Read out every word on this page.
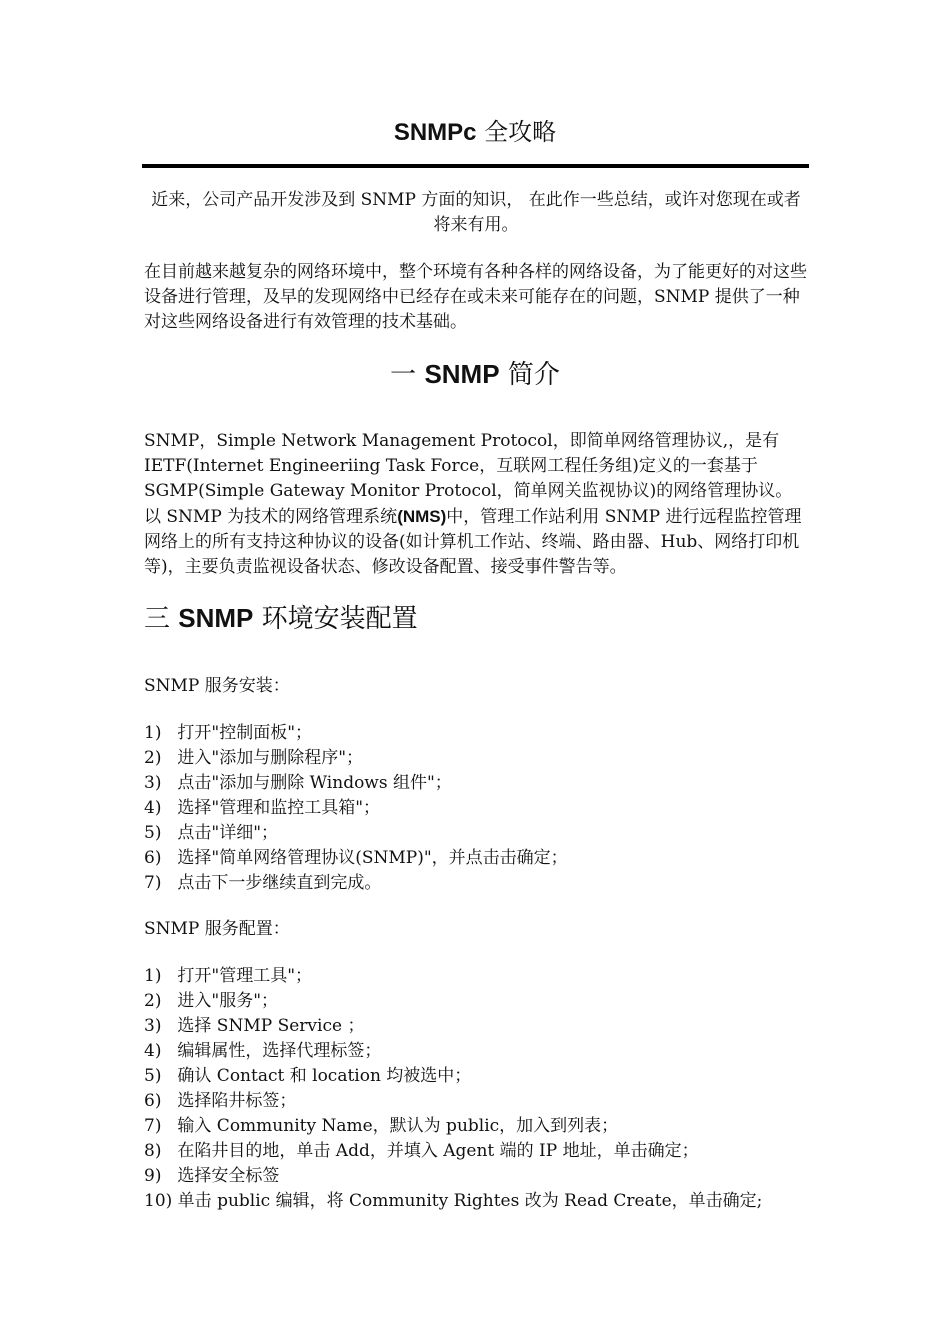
SNMPc 全攻略

近来，公司产品开发涉及到 SNMP 方面的知识， 在此作一些总结，或许对您现在或者将来有用。

在目前越来越复杂的网络环境中，整个环境有各种各样的网络设备，为了能更好的对这些设备进行管理，及早的发现网络中已经存在或未来可能存在的问题，SNMP 提供了一种对这些网络设备进行有效管理的技术基础。

一 SNMP 简介

SNMP，Simple Network Management Protocol，即简单网络管理协议,，是有IETF(Internet Engineeriing Task Force，互联网工程任务组)定义的一套基于SGMP(Simple Gateway Monitor Protocol，简单网关监视协议)的网络管理协议。以 SNMP 为技术的网络管理系统(NMS)中，管理工作站利用 SNMP 进行远程监控管理网络上的所有支持这种协议的设备(如计算机工作站、终端、路由器、Hub、网络打印机等)，主要负责监视设备状态、修改设备配置、接受事件警告等。

三 SNMP 环境安装配置

SNMP 服务安装：

1) 打开"控制面板"；
2) 进入"添加与删除程序"；
3) 点击"添加与删除 Windows 组件"；
4) 选择"管理和监控工具箱"；
5) 点击"详细"；
6) 选择"简单网络管理协议(SNMP)"，并点击击确定；
7) 点击下一步继续直到完成。

SNMP 服务配置：

1) 打开"管理工具"；
2) 进入"服务"；
3) 选择 SNMP Service ；
4) 编辑属性，选择代理标签；
5) 确认 Contact 和 location 均被选中；
6) 选择陷井标签；
7) 输入 Community Name，默认为 public，加入到列表；
8) 在陷井目的地，单击 Add，并填入 Agent 端的 IP 地址，单击确定；
9) 选择安全标签
10) 单击 public 编辑，将 Community Rightes 改为 Read Create，单击确定;
